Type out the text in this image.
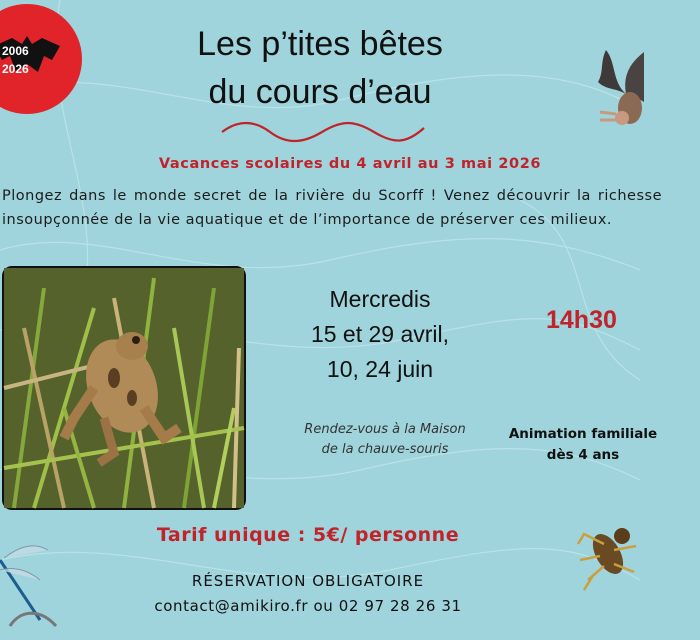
2006
2026
Les p’tites bêtes
du cours d’eau
Vacances scolaires du 4 avril au 3 mai 2026
Plongez dans le monde secret de la rivière du Scorff ! Venez découvrir la richesse insoupçonnée de la vie aquatique et de l’importance de préserver ces milieux.
Mercredis
15 et 29 avril,
10, 24 juin
14h30
Rendez-vous à la Maison
de la chauve-souris
Animation familiale
dès 4 ans
Tarif unique : 5€/ personne
RÉSERVATION OBLIGATOIRE
contact@amikiro.fr ou 02 97 28 26 31
